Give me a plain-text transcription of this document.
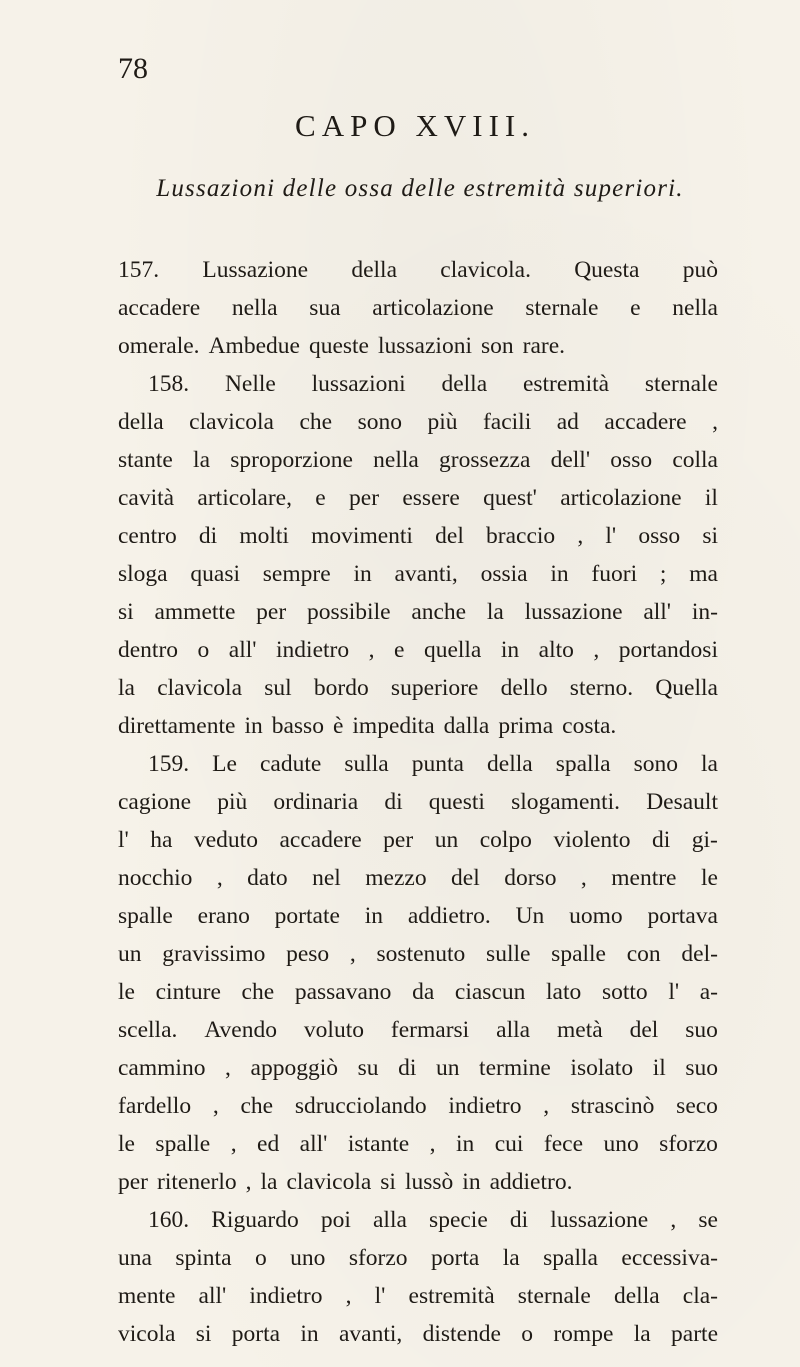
78
CAPO XVIII.
Lussazioni delle ossa delle estremità superiori.
157. Lussazione della clavicola. Questa può
accadere nella sua articolazione sternale e nella
omerale. Ambedue queste lussazioni son rare.
158. Nelle lussazioni della estremità sternale
della clavicola che sono più facili ad accadere ,
stante la sproporzione nella grossezza dell' osso colla
cavità articolare, e per essere quest' articolazione il
centro di molti movimenti del braccio , l' osso si
sloga quasi sempre in avanti, ossia in fuori ; ma
si ammette per possibile anche la lussazione all' in-
dentro o all' indietro , e quella in alto , portandosi
la clavicola sul bordo superiore dello sterno. Quella
direttamente in basso è impedita dalla prima costa.
159. Le cadute sulla punta della spalla sono la
cagione più ordinaria di questi slogamenti. Desault
l' ha veduto accadere per un colpo violento di gi-
nocchio , dato nel mezzo del dorso , mentre le
spalle erano portate in addietro. Un uomo portava
un gravissimo peso , sostenuto sulle spalle con del-
le cinture che passavano da ciascun lato sotto l' a-
scella. Avendo voluto fermarsi alla metà del suo
cammino , appoggiò su di un termine isolato il suo
fardello , che sdrucciolando indietro , strascinò seco
le spalle , ed all' istante , in cui fece uno sforzo
per ritenerlo , la clavicola si lussò in addietro.
160. Riguardo poi alla specie di lussazione , se
una spinta o uno sforzo porta la spalla eccessiva-
mente all' indietro , l' estremità sternale della cla-
vicola si porta in avanti, distende o rompe la parte
